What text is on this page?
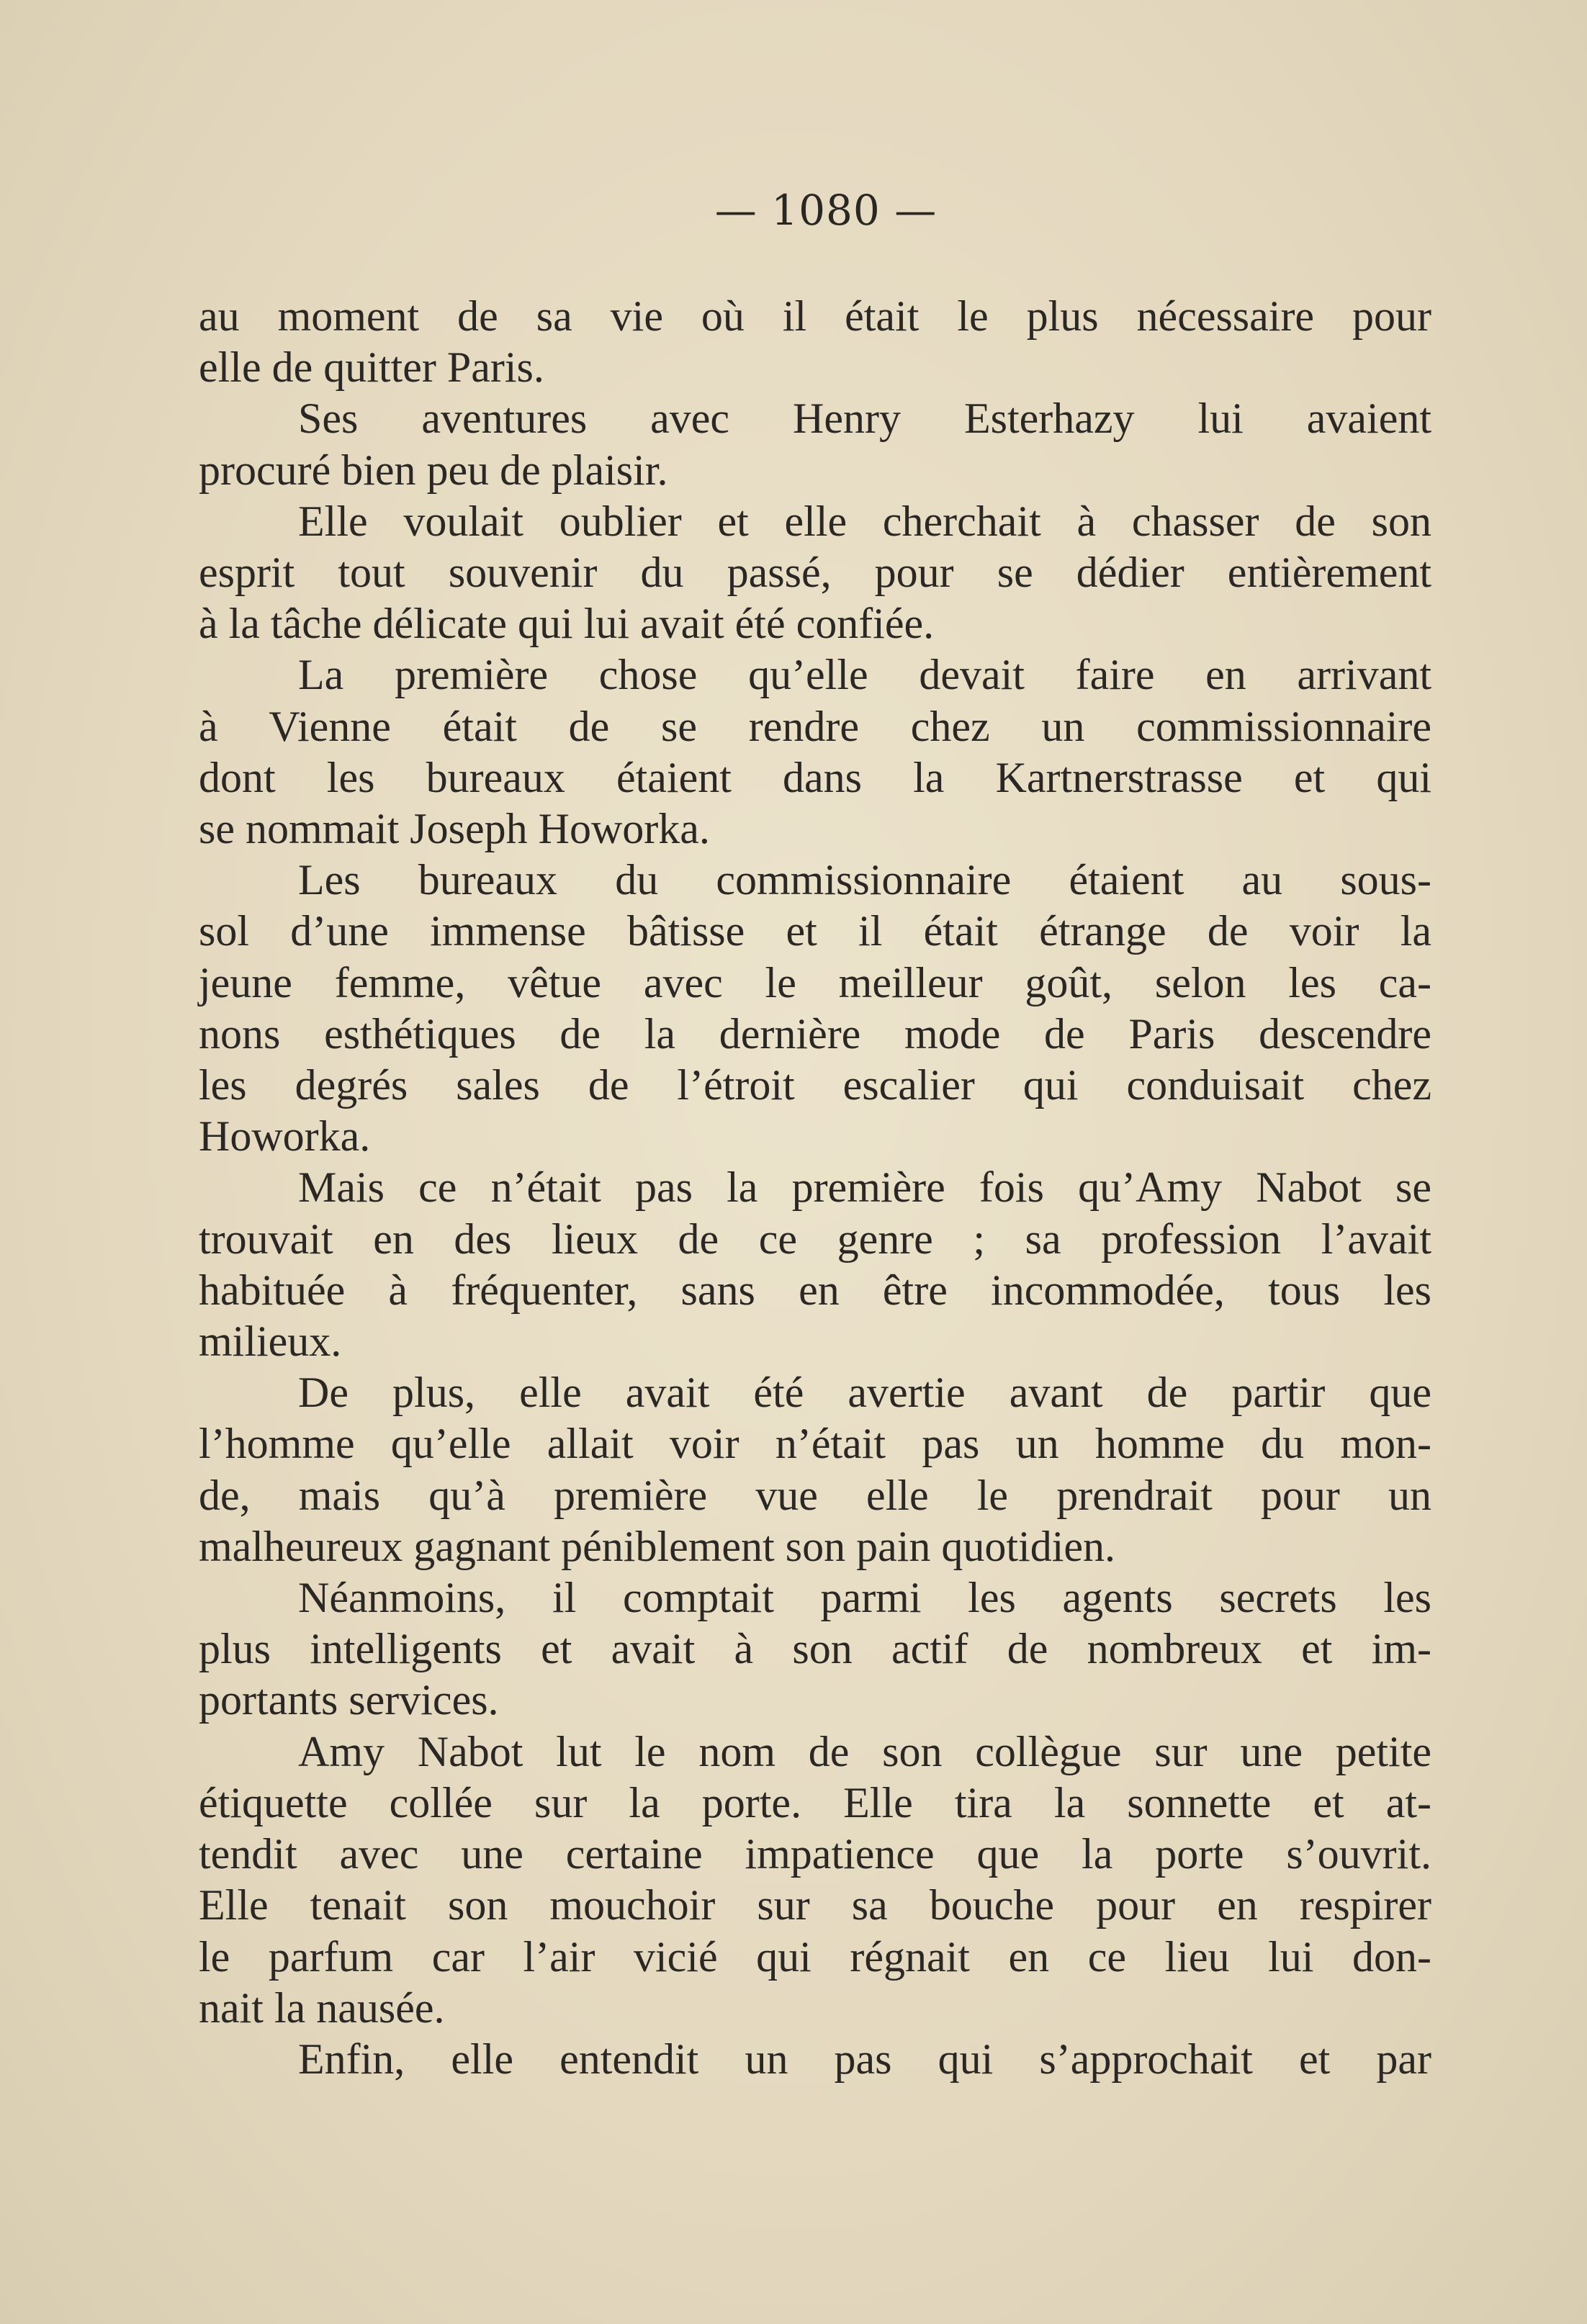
— 1080 —

au moment de sa vie où il était le plus nécessaire pour

elle de quitter Paris.

Ses aventures avec Henry Esterhazy lui avaient

procuré bien peu de plaisir.

Elle voulait oublier et elle cherchait à chasser de son

esprit tout souvenir du passé, pour se dédier entièrement

à la tâche délicate qui lui avait été confiée.

La première chose qu’elle devait faire en arrivant

à Vienne était de se rendre chez un commissionnaire

dont les bureaux étaient dans la Kartnerstrasse et qui

se nommait Joseph Howorka.

Les bureaux du commissionnaire étaient au sous-

sol d’une immense bâtisse et il était étrange de voir la

jeune femme, vêtue avec le meilleur goût, selon les ca-

nons esthétiques de la dernière mode de Paris descendre

les degrés sales de l’étroit escalier qui conduisait chez

Howorka.

Mais ce n’était pas la première fois qu’Amy Nabot se

trouvait en des lieux de ce genre ; sa profession l’avait

habituée à fréquenter, sans en être incommodée, tous les

milieux.

De plus, elle avait été avertie avant de partir que

l’homme qu’elle allait voir n’était pas un homme du mon-

de, mais qu’à première vue elle le prendrait pour un

malheureux gagnant péniblement son pain quotidien.

Néanmoins, il comptait parmi les agents secrets les

plus intelligents et avait à son actif de nombreux et im-

portants services.

Amy Nabot lut le nom de son collègue sur une petite

étiquette collée sur la porte. Elle tira la sonnette et at-

tendit avec une certaine impatience que la porte s’ouvrit.

Elle tenait son mouchoir sur sa bouche pour en respirer

le parfum car l’air vicié qui régnait en ce lieu lui don-

nait la nausée.

Enfin, elle entendit un pas qui s’approchait et par
